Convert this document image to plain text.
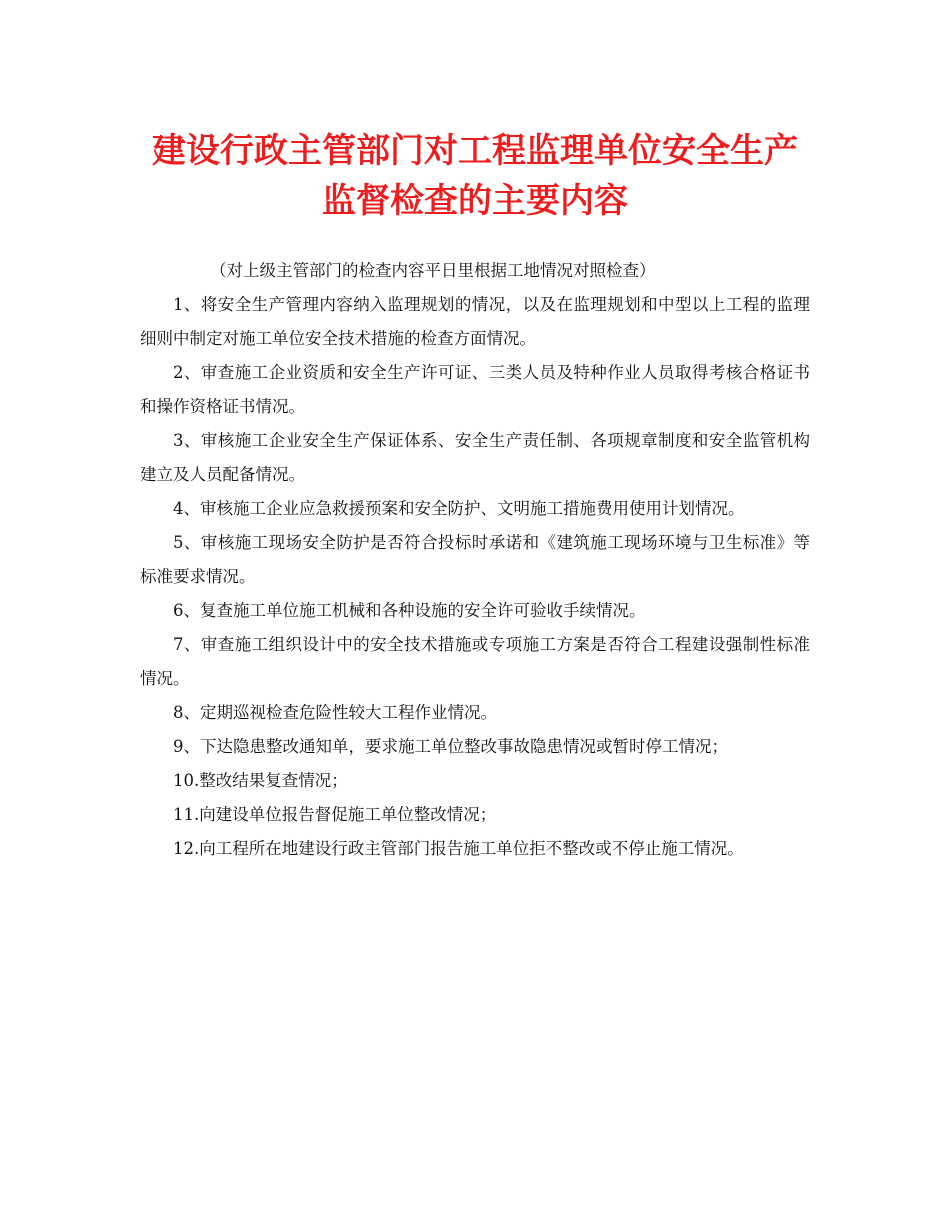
建设行政主管部门对工程监理单位安全生产
监督检查的主要内容

（对上级主管部门的检查内容平日里根据工地情况对照检查）

1、将安全生产管理内容纳入监理规划的情况，以及在监理规划和中型以上工程的监理细则中制定对施工单位安全技术措施的检查方面情况。

2、审查施工企业资质和安全生产许可证、三类人员及特种作业人员取得考核合格证书和操作资格证书情况。

3、审核施工企业安全生产保证体系、安全生产责任制、各项规章制度和安全监管机构建立及人员配备情况。

4、审核施工企业应急救援预案和安全防护、文明施工措施费用使用计划情况。

5、审核施工现场安全防护是否符合投标时承诺和《建筑施工现场环境与卫生标准》等标准要求情况。

6、复查施工单位施工机械和各种设施的安全许可验收手续情况。

7、审查施工组织设计中的安全技术措施或专项施工方案是否符合工程建设强制性标准情况。

8、定期巡视检查危险性较大工程作业情况。

9、下达隐患整改通知单，要求施工单位整改事故隐患情况或暂时停工情况；

10.整改结果复查情况；

11.向建设单位报告督促施工单位整改情况；

12.向工程所在地建设行政主管部门报告施工单位拒不整改或不停止施工情况。
